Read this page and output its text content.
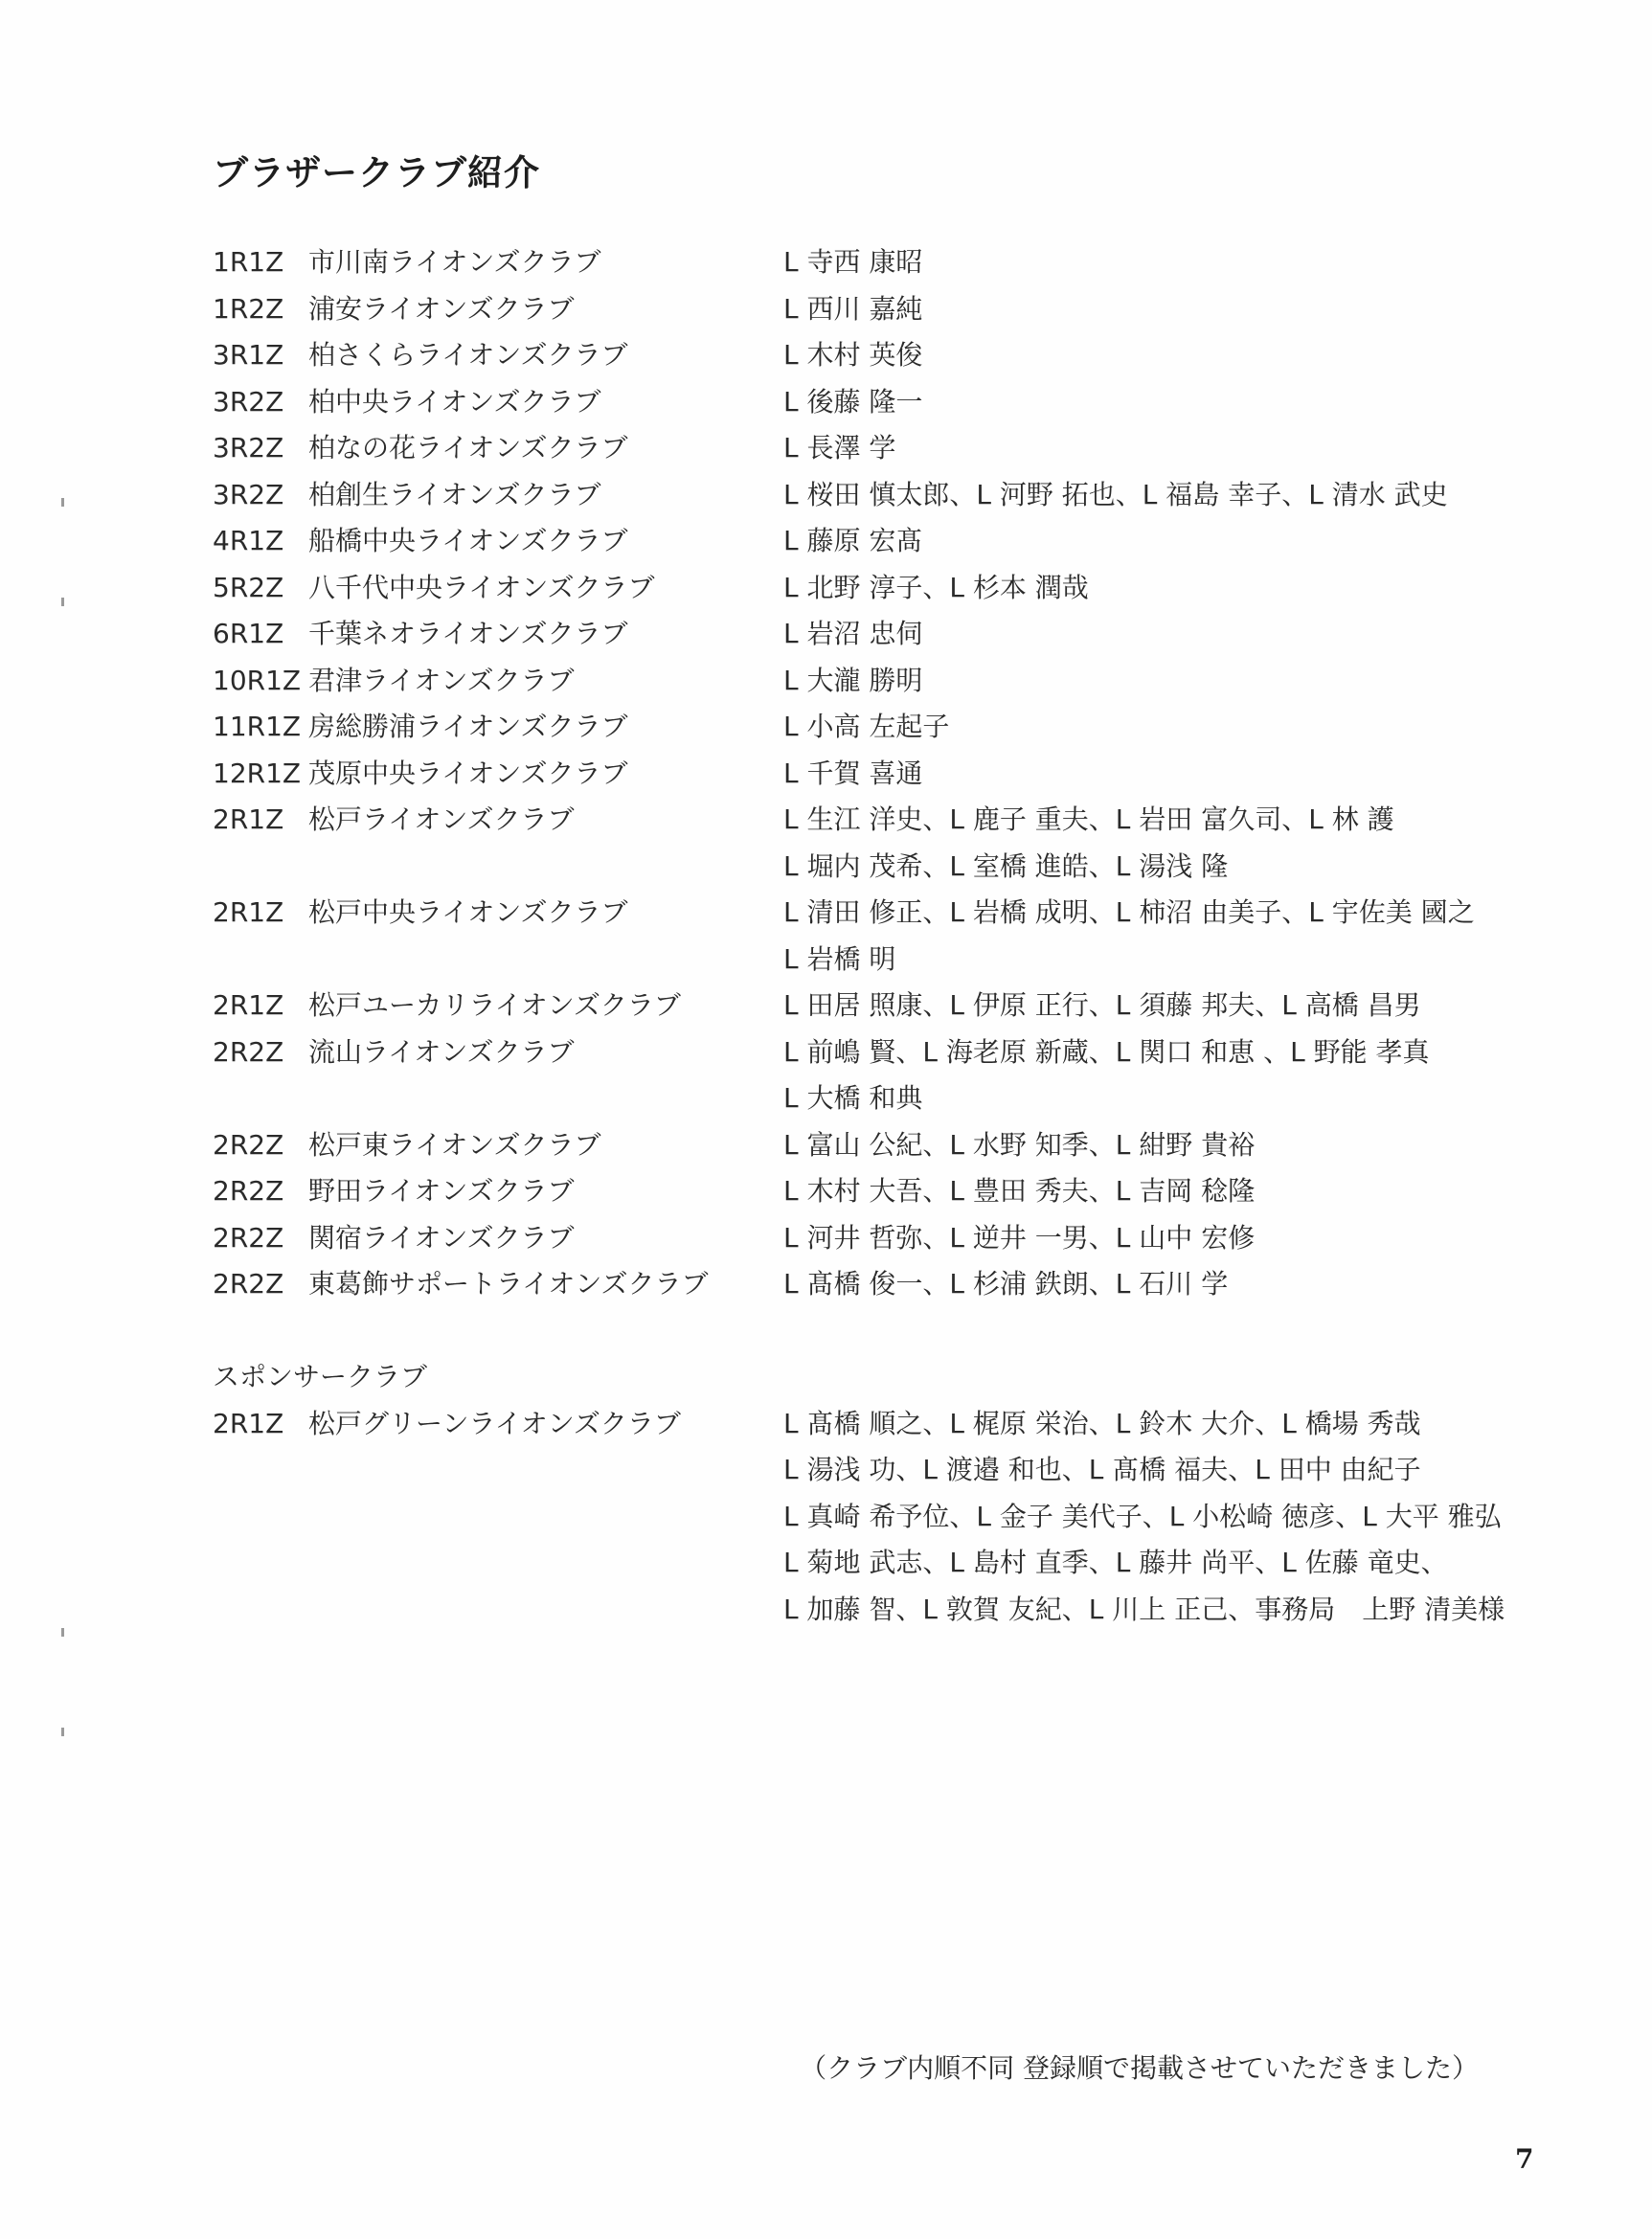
ブラザークラブ紹介
1R1Z 市川南ライオンズクラブ	L 寺西 康昭
1R2Z 浦安ライオンズクラブ	L 西川 嘉純
3R1Z 柏さくらライオンズクラブ	L 木村 英俊
3R2Z 柏中央ライオンズクラブ	L 後藤 隆一
3R2Z 柏なの花ライオンズクラブ	L 長澤 学
3R2Z 柏創生ライオンズクラブ	L 桜田 慎太郎、L 河野 拓也、L 福島 幸子、L 清水 武史
4R1Z 船橋中央ライオンズクラブ	L 藤原 宏髙
5R2Z 八千代中央ライオンズクラブ	L 北野 淳子、L 杉本 潤哉
6R1Z 千葉ネオライオンズクラブ	L 岩沼 忠伺
10R1Z 君津ライオンズクラブ	L 大瀧 勝明
11R1Z 房総勝浦ライオンズクラブ	L 小高 左起子
12R1Z 茂原中央ライオンズクラブ	L 千賀 喜通
2R1Z 松戸ライオンズクラブ	L 生江 洋史、L 鹿子 重夫、L 岩田 富久司、L 林 護
L 堀内 茂希、L 室橋 進皓、L 湯浅 隆
2R1Z 松戸中央ライオンズクラブ	L 清田 修正、L 岩橋 成明、L 柿沼 由美子、L 宇佐美 國之
L 岩橋 明
2R1Z 松戸ユーカリライオンズクラブ	L 田居 照康、L 伊原 正行、L 須藤 邦夫、L 高橋 昌男
2R2Z 流山ライオンズクラブ	L 前嶋 賢、L 海老原 新蔵、L 関口 和恵 、L 野能 孝真
L 大橋 和典
2R2Z 松戸東ライオンズクラブ	L 富山 公紀、L 水野 知季、L 紺野 貴裕
2R2Z 野田ライオンズクラブ	L 木村 大吾、L 豊田 秀夫、L 吉岡 稔隆
2R2Z 関宿ライオンズクラブ	L 河井 哲弥、L 逆井 一男、L 山中 宏修
2R2Z 東葛飾サポートライオンズクラブ	L 髙橋 俊一、L 杉浦 鉄朗、L 石川 学
スポンサークラブ
2R1Z 松戸グリーンライオンズクラブ	L 髙橋 順之、L 梶原 栄治、L 鈴木 大介、L 橋場 秀哉
L 湯浅 功、L 渡邉 和也、L 髙橋 福夫、L 田中 由紀子
L 真崎 希予位、L 金子 美代子、L 小松崎 徳彦、L 大平 雅弘
L 菊地 武志、L 島村 直季、L 藤井 尚平、L 佐藤 竜史、
L 加藤 智、L 敦賀 友紀、L 川上 正己、事務局　上野 清美様
（クラブ内順不同 登録順で掲載させていただきました）
7
